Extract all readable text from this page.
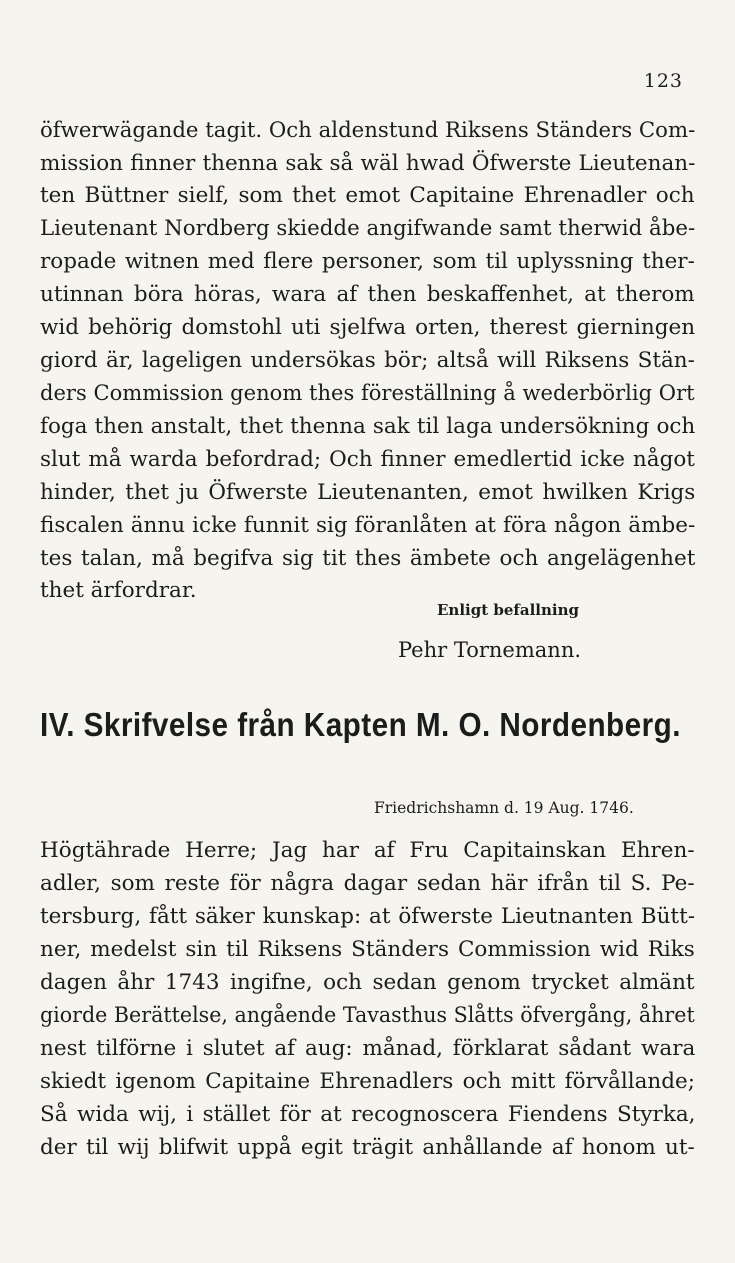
123
öfwerwägande tagit. Och aldenstund Riksens Ständers Com-
mission finner thenna sak så wäl hwad Öfwerste Lieutenan-
ten Büttner sielf, som thet emot Capitaine Ehrenadler och
Lieutenant Nordberg skiedde angifwande samt therwid åbe-
ropade witnen med flere personer, som til uplyssning ther-
utinnan böra höras, wara af then beskaffenhet, at therom
wid behörig domstohl uti sjelfwa orten, therest gierningen
giord är, lageligen undersökas bör; altså will Riksens Stän-
ders Commission genom thes föreställning å wederbörlig Ort
foga then anstalt, thet thenna sak til laga undersökning och
slut må warda befordrad; Och finner emedlertid icke något
hinder, thet ju Öfwerste Lieutenanten, emot hwilken Krigs
fiscalen ännu icke funnit sig föranlåten at föra någon ämbe-
tes talan, må begifva sig tit thes ämbete och angelägenhet
thet ärfordrar.
Enligt befallning
Pehr Tornemann.
IV. Skrifvelse från Kapten M. O. Nordenberg.
Friedrichshamn d. 19 Aug. 1746.
Högtährade Herre; Jag har af Fru Capitainskan Ehren-
adler, som reste för några dagar sedan här ifrån til S. Pe-
tersburg, fått säker kunskap: at öfwerste Lieutnanten Bütt-
ner, medelst sin til Riksens Ständers Commission wid Riks
dagen åhr 1743 ingifne, och sedan genom trycket almänt
giorde Berättelse, angående Tavasthus Slåtts öfvergång, åhret
nest tilförne i slutet af aug: månad, förklarat sådant wara
skiedt igenom Capitaine Ehrenadlers och mitt förvållande;
Så wida wij, i stället för at recognoscera Fiendens Styrka,
der til wij blifwit uppå egit trägit anhållande af honom ut-
